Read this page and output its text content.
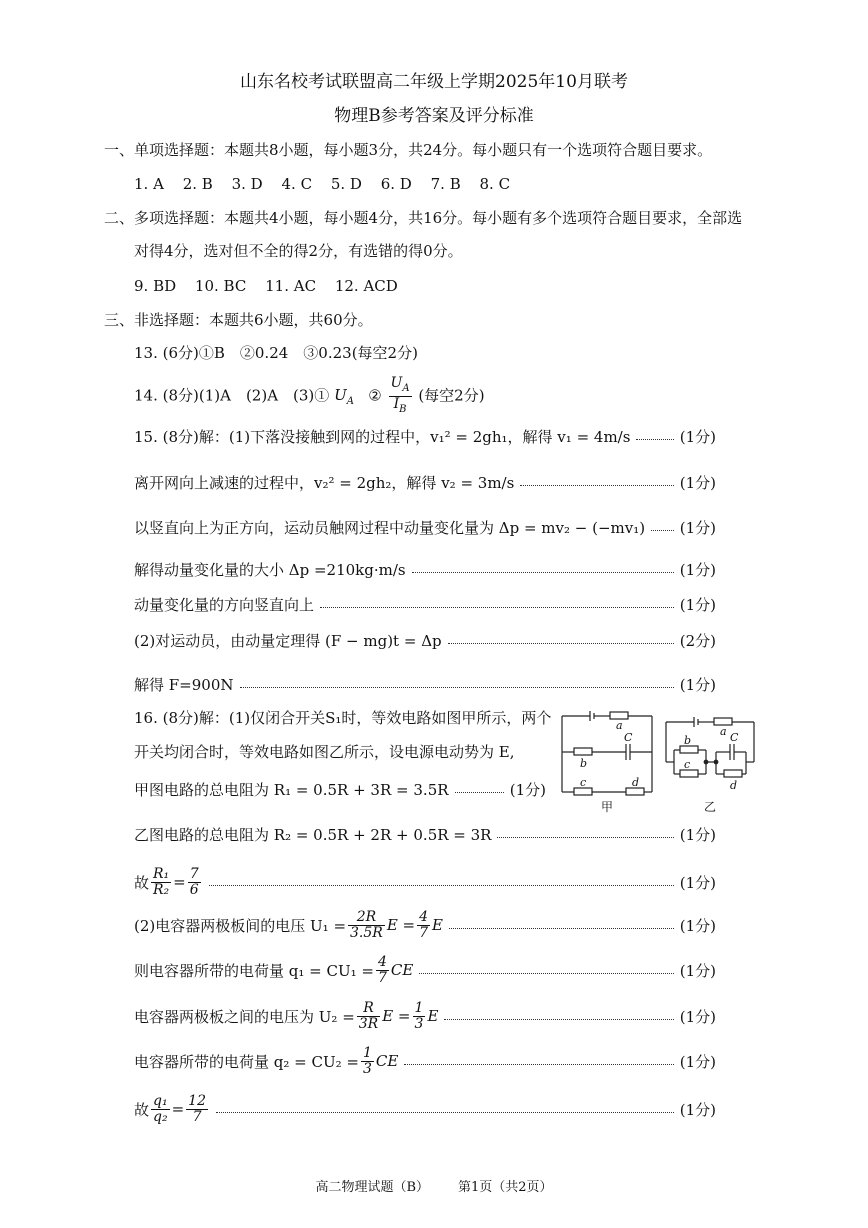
山东名校考试联盟高二年级上学期2025年10月联考
物理B参考答案及评分标准
一、单项选择题：本题共8小题，每小题3分，共24分。每小题只有一个选项符合题目要求。
1. A 2. B 3. D 4. C 5. D 6. D 7. B 8. C
二、多项选择题：本题共4小题，每小题4分，共16分。每小题有多个选项符合题目要求，全部选
对得4分，选对但不全的得2分，有选错的得0分。
9. BD 10. BC 11. AC 12. ACD
三、非选择题：本题共6小题，共60分。
13. (6分)①B　②0.24　③0.23(每空2分)
14. (8分)(1)A　(2)A　(3)① $U_A$ ② $\frac{U_A}{I_B}$ (每空2分)
15. (8分)解：(1)下落没接触到网的过程中，v₁² = 2gh₁，解得 v₁ = 4m/s	(1分)
离开网向上减速的过程中，v₂² = 2gh₂，解得 v₂ = 3m/s	(1分)
以竖直向上为正方向，运动员触网过程中动量变化量为 Δp = mv₂ − (−mv₁) (1分)
解得动量变化量的大小 Δp =210kg·m/s	(1分)
动量变化量的方向竖直向上	(1分)
(2)对运动员，由动量定理得 (F − mg)t = Δp	(2分)
解得 F=900N	(1分)
16. (8分)解：(1)仅闭合开关S₁时，等效电路如图甲所示，两个
开关均闭合时，等效电路如图乙所示，设电源电动势为 E,
甲图电路的总电阻为 R₁ = 0.5R + 3R = 3.5R	(1分)
乙图电路的总电阻为 R₂ = 0.5R + 2R + 0.5R = 3R	(1分)
故 $\frac{\text{R₁}}{\text{R₂}} = \frac{7}{6}$	(1分)
(2)电容器两极板间的电压 $U_1 = \frac{2R}{3.5R}$ $E = \frac{4}{7}$ E	(1分)
则电容器所带的电荷量 $q_1 = CU_1 = \frac{4}{7}$ CE	(1分)
电容器两极板之间的电压为 $U_2 = \frac{R}{3R}$ $E = \frac{1}{3}$ E	(1分)
电容器所带的电荷量 $q_2 = CU_2 = \frac{1}{3}$ CE	(1分)
故 $\frac{\text{q₁}}{\text{q₂}} = \frac{12}{7}$	(1分)
a
b
c	d
C
甲
a
b
c
d
C
乙
高二物理试题（B） 第1页（共2页）
